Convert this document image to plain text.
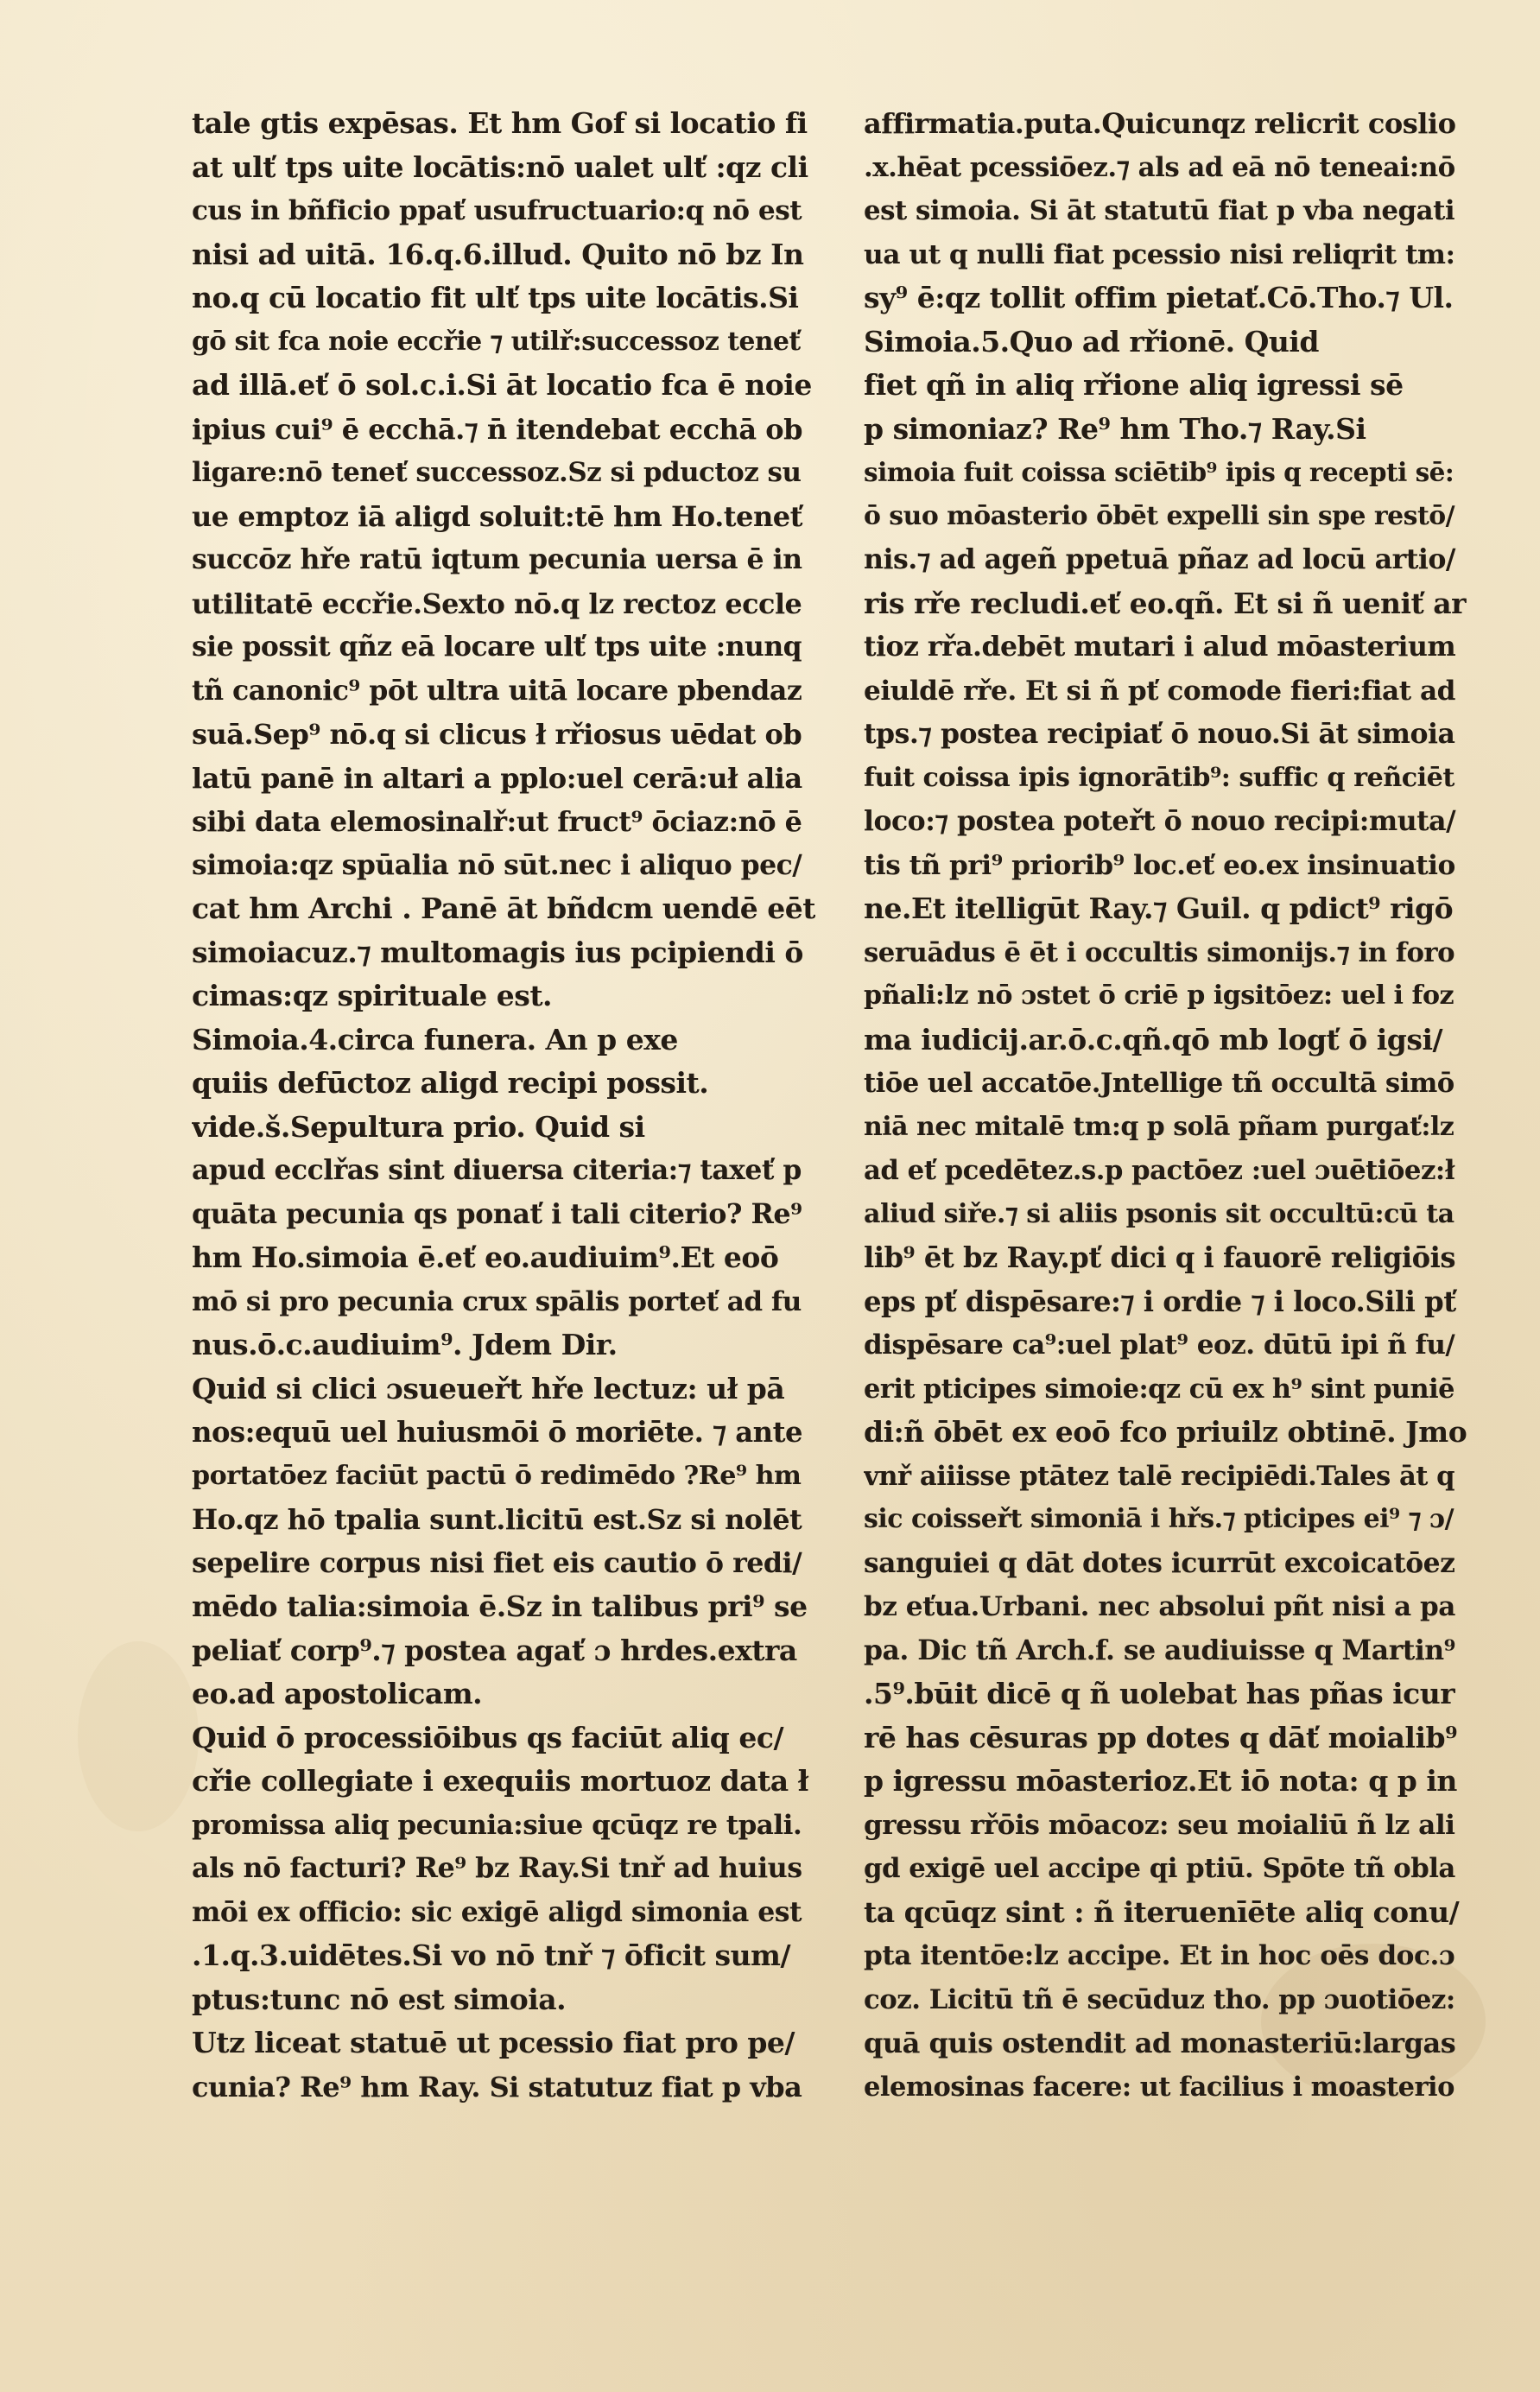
tale gtis expēsas. Et hm Gof si locatio fi
at ulť tps uite locātis:nō ualet ulť :qz cli
cus in bñficio ppať usufructuario:q nō est
nisi ad uitā. 16.q.6.illud. Quito nō bz In
no.q cū locatio fit ulť tps uite locātis.Si
gō sit fca noie eccřie ⁊ utilř:successoz teneť
ad illā.eť ō sol.c.i.Si āt locatio fca ē noie
ipius cui⁹ ē ecchā.⁊ n̄ itendebat ecchā ob
ligare:nō teneť successoz.Sz si pductoz su
ue emptoz iā aligd soluit:tē hm Ho.teneť
succōz hře ratū iqtum pecunia uersa ē in
utilitatē eccřie.Sexto nō.q lz rectoz eccle
sie possit qñz eā locare ulť tps uite :nunq
tñ canonic⁹ pōt ultra uitā locare pbendaz
suā.Sep⁹ nō.q si clicus ł rřiosus uēdat ob
latū panē in altari a pplo:uel cerā:uł alia
sibi data elemosinalř:ut fruct⁹ ōciaz:nō ē
simoia:qz spūalia nō sūt.nec i aliquo pec/
cat hm Archi . Panē āt bñdcm uendē eēt
simoiacuz.⁊ multomagis ius pcipiendi ō
cimas:qz spirituale est.
Simoia.4.circa funera. An p exe
quiis defūctoz aligd recipi possit.
vide.š.Sepultura prio. Quid si
apud ecclřas sint diuersa citeria:⁊ taxeť p
quāta pecunia qs ponať i tali citerio? Re⁹
hm Ho.simoia ē.eť eo.audiuim⁹.Et eoō
mō si pro pecunia crux spālis porteť ad fu
nus.ō.c.audiuim⁹. Jdem Dir.
Quid si clici ɔsueueřt hře lectuz: uł pā
nos:equū uel huiusmōi ō moriēte. ⁊ ante
portatōez faciūt pactū ō redimēdo ?Re⁹ hm
Ho.qz hō tpalia sunt.licitū est.Sz si nolēt
sepelire corpus nisi fiet eis cautio ō redi/
mēdo talia:simoia ē.Sz in talibus pri⁹ se
peliať corp⁹.⁊ postea agať ɔ hrdes.extra
eo.ad apostolicam.
Quid ō processiōibus qs faciūt aliq ec/
cřie collegiate i exequiis mortuoz data ł
promissa aliq pecunia:siue qcūqz re tpali.
als nō facturi? Re⁹ bz Ray.Si tnř ad huius
mōi ex officio: sic exigē aligd simonia est
.1.q.3.uidētes.Si vo nō tnř ⁊ ōficit sum/
ptus:tunc nō est simoia.
Utz liceat statuē ut pcessio fiat pro pe/
cunia? Re⁹ hm Ray. Si statutuz fiat p vba
affirmatia.puta.Quicunqz relicrit coslio
.x.hēat pcessiōez.⁊ als ad eā nō teneai:nō
est simoia. Si āt statutū fiat p vba negati
ua ut q nulli fiat pcessio nisi reliqrit tm:
sy⁹ ē:qz tollit offim pietať.Cō.Tho.⁊ Ul.
Simoia.5.Quo ad rřionē. Quid
fiet qñ in aliq rřione aliq igressi sē
p simoniaz? Re⁹ hm Tho.⁊ Ray.Si
simoia fuit coissa sciētib⁹ ipis q recepti sē:
ō suo mōasterio ōbēt expelli sin spe restō/
nis.⁊ ad ageñ ppetuā pñaz ad locū artio/
ris rře recludi.eť eo.qñ. Et si ñ ueniť ar
tioz rřa.debēt mutari i alud mōasterium
eiuldē rře. Et si ñ pť comode fieri:fiat ad
tps.⁊ postea recipiať ō nouo.Si āt simoia
fuit coissa ipis ignorātib⁹: suffic q reñciēt
loco:⁊ postea poteřt ō nouo recipi:muta/
tis tñ pri⁹ priorib⁹ loc.eť eo.ex insinuatio
ne.Et itelligūt Ray.⁊ Guil. q pdict⁹ rigō
seruādus ē ēt i occultis simonijs.⁊ in foro
pñali:lz nō ɔstet ō criē p igsitōez: uel i foz
ma iudicij.ar.ō.c.qñ.qō mb logť ō igsi/
tiōe uel accatōe.Jntellige tñ occultā simō
niā nec mitalē tm:q p solā pñam purgať:lz
ad eť pcedētez.s.p pactōez :uel ɔuētiōez:ł
aliud siře.⁊ si aliis psonis sit occultū:cū ta
lib⁹ ēt bz Ray.pť dici q i fauorē religiōis
eps pť dispēsare:⁊ i ordie ⁊ i loco.Sili pť
dispēsare ca⁹:uel plat⁹ eoz. dūtū ipi ñ fu/
erit pticipes simoie:qz cū ex h⁹ sint puniē
di:ñ ōbēt ex eoō fco priuilz obtinē. Jmo
vnř aiiisse ptātez talē recipiēdi.Tales āt q
sic coisseřt simoniā i hřs.⁊ pticipes ei⁹ ⁊ ɔ/
sanguiei q dāt dotes icurrūt excoicatōez
bz eťua.Urbani. nec absolui pñt nisi a pa
pa. Dic tñ Arch.f. se audiuisse q Martin⁹
.5⁹.būit dicē q ñ uolebat has pñas icur
rē has cēsuras pp dotes q dāť moialib⁹
p igressu mōasterioz.Et iō nota: q p in
gressu rřōis mōacoz: seu moialiū ñ lz ali
gd exigē uel accipe qi ptiū. Spōte tñ obla
ta qcūqz sint : ñ iteruenīēte aliq conu/
pta itentōe:lz accipe. Et in hoc oēs doc.ɔ
coz. Licitū tñ ē secūduz tho. pp ɔuotiōez:
quā quis ostendit ad monasteriū:largas
elemosinas facere: ut facilius i moasterio
